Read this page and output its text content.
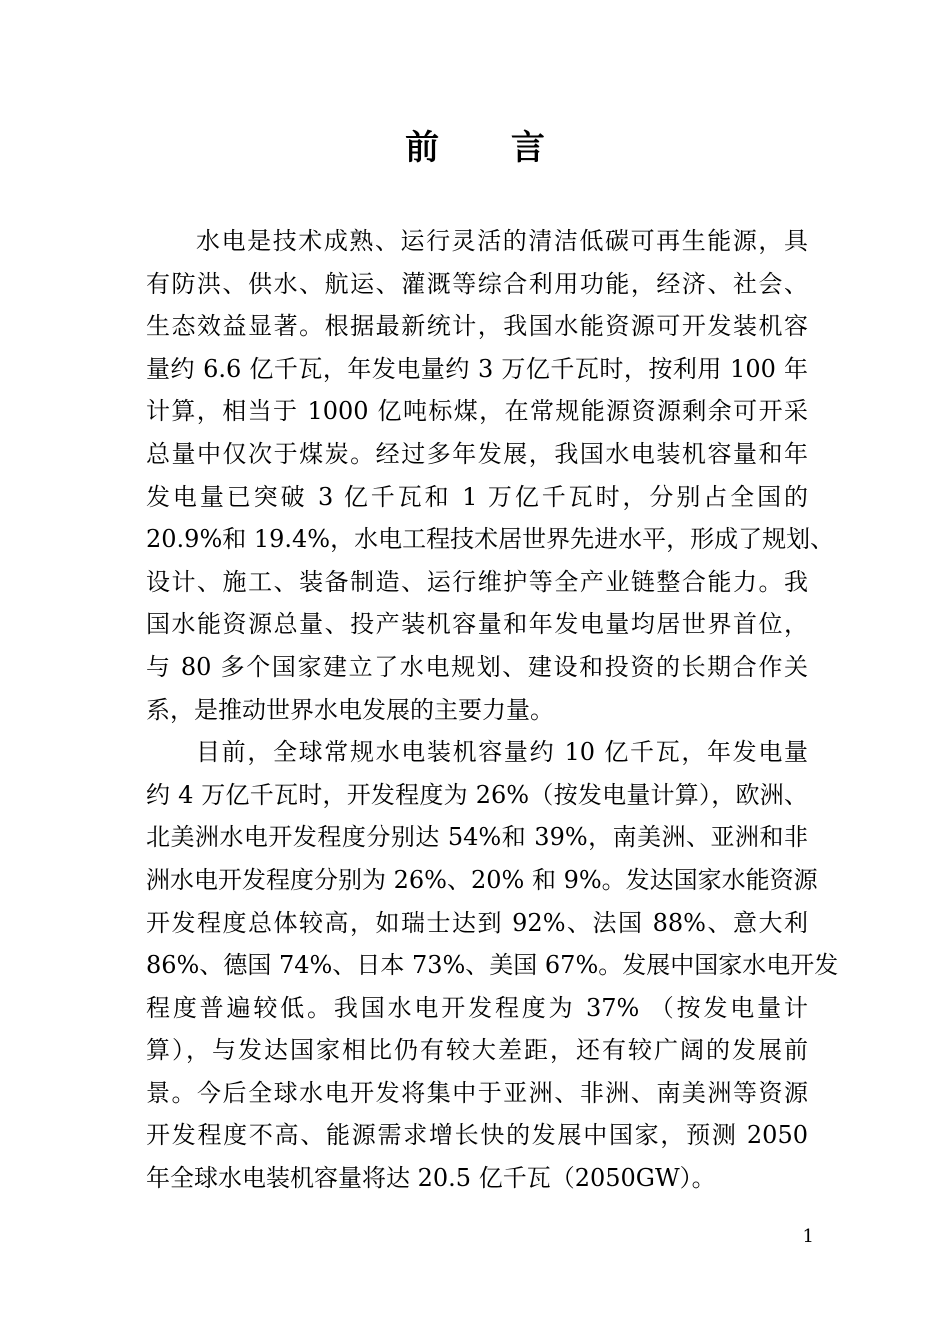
前 言
水电是技术成熟、运行灵活的清洁低碳可再生能源，具
有防洪、供水、航运、灌溉等综合利用功能，经济、社会、
生态效益显著。根据最新统计，我国水能资源可开发装机容
量约 6.6 亿千瓦，年发电量约 3 万亿千瓦时，按利用 100 年
计算，相当于 1000 亿吨标煤，在常规能源资源剩余可开采
总量中仅次于煤炭。经过多年发展，我国水电装机容量和年
发电量已突破 3 亿千瓦和 1 万亿千瓦时，分别占全国的
20.9%和 19.4%，水电工程技术居世界先进水平，形成了规划、
设计、施工、装备制造、运行维护等全产业链整合能力。我
国水能资源总量、投产装机容量和年发电量均居世界首位，
与 80 多个国家建立了水电规划、建设和投资的长期合作关
系，是推动世界水电发展的主要力量。
目前，全球常规水电装机容量约 10 亿千瓦，年发电量
约 4 万亿千瓦时，开发程度为 26%（按发电量计算），欧洲、
北美洲水电开发程度分别达 54%和 39%，南美洲、亚洲和非
洲水电开发程度分别为 26%、20% 和 9%。发达国家水能资源
开发程度总体较高，如瑞士达到 92%、法国 88%、意大利
86%、德国 74%、日本 73%、美国 67%。发展中国家水电开发
程度普遍较低。我国水电开发程度为 37% （按发电量计
算），与发达国家相比仍有较大差距，还有较广阔的发展前
景。今后全球水电开发将集中于亚洲、非洲、南美洲等资源
开发程度不高、能源需求增长快的发展中国家，预测 2050
年全球水电装机容量将达 20.5 亿千瓦（2050GW）。
1
